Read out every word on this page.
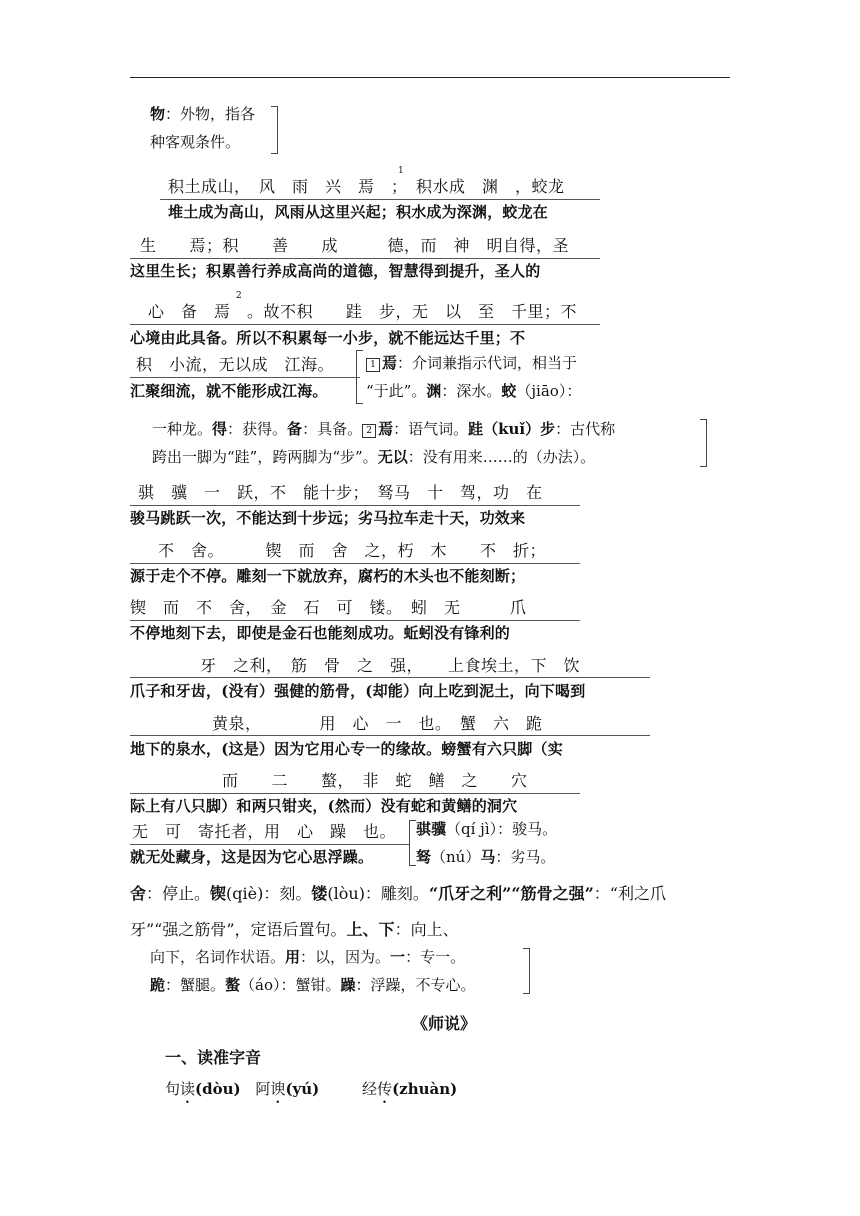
物：外物，指各
种客观条件。
积土成山，　风　雨　兴　焉　；　积水成　渊　，蛟龙
1
堆土成为高山，风雨从这里兴起；积水成为深渊，蛟龙在
生　　焉；积　　善　　成　　　德，而　神　明自得，圣
这里生长；积累善行养成高尚的道德，智慧得到提升，圣人的
心　备　焉　。故不积　　跬　步，无　以　至　千里；不
2
心境由此具备。所以不积累每一小步，就不能远达千里；不
积　小流，无以成　江海。
汇聚细流，就不能形成江海。
1 焉：介词兼指示代词，相当于
“于此”。渊：深水。蛟（jiāo）：
一种龙。得：获得。备：具备。 2 焉：语气词。跬（kuǐ）步：古代称
跨出一脚为“跬”，跨两脚为“步”。无以：没有用来……的（办法）。
骐　骥　一　跃，不　能十步；　驽马　十　驾，功　在
骏马跳跃一次，不能达到十步远；劣马拉车走十天，功效来
不　舍。　　　锲　而　舍　之，朽　木　　不　折；
源于走个不停。雕刻一下就放弃，腐朽的木头也不能刻断；
锲　而　不　舍，　金　石　可　镂。　蚓　无　　　爪
不停地刻下去，即使是金石也能刻成功。蚯蚓没有锋利的
牙　之利，　筋　骨　之　强，　　上食埃土，下　饮
爪子和牙齿，(没有）强健的筋骨，(却能）向上吃到泥土，向下喝到
黄泉，　　　　用　心　一　也。　蟹　六　跪
地下的泉水，(这是）因为它用心专一的缘故。螃蟹有六只脚（实
而　　二　　螯，　非　蛇　鳝　之　　穴
际上有八只脚）和两只钳夹，(然而）没有蛇和黄鳝的洞穴
无　可　寄托者，用　心　躁　也。
就无处藏身，这是因为它心思浮躁。
骐骥（qí jì）：骏马。
驽（nú）马：劣马。
舍：停止。锲(qiè)：刻。镂(lòu)：雕刻。“爪牙之利”“筋骨之强”：“利之爪
牙”“强之筋骨”，定语后置句。上、下：向上、
向下，名词作状语。用：以，因为。一：专一。
跪：蟹腿。螯（áo）：蟹钳。躁：浮躁，不专心。
《师说》
一、读准字音
句读(dòu) 阿谀(yú)	经传(zhuàn)
